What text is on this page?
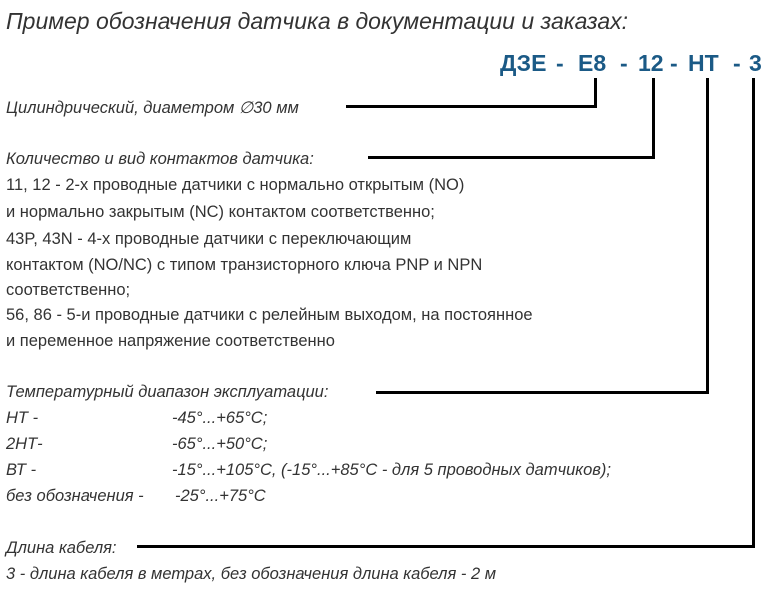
Пример обозначения датчика в документации и заказах:
ДЗЕ - Е8 - 12 - НТ - 3
Цилиндрический, диаметром ∅30 мм
Количество и вид контактов датчика:
11, 12 - 2-х проводные датчики с нормально открытым (NO)
и нормально закрытым (NC) контактом соответственно;
43P, 43N - 4-х проводные датчики с переключающим
контактом (NO/NC) с типом транзисторного ключа PNP и NPN
соответственно;
56, 86 - 5-и проводные датчики с релейным выходом, на постоянное
и переменное напряжение соответственно
Температурный диапазон эксплуатации:
НТ -	-45°...+65°С;
2НТ-	-65°...+50°С;
ВТ -	-15°...+105°С, (-15°...+85°С - для 5 проводных датчиков);
без обозначения - -25°...+75°С
Длина кабеля:
3 - длина кабеля в метрах, без обозначения длина кабеля - 2 м
